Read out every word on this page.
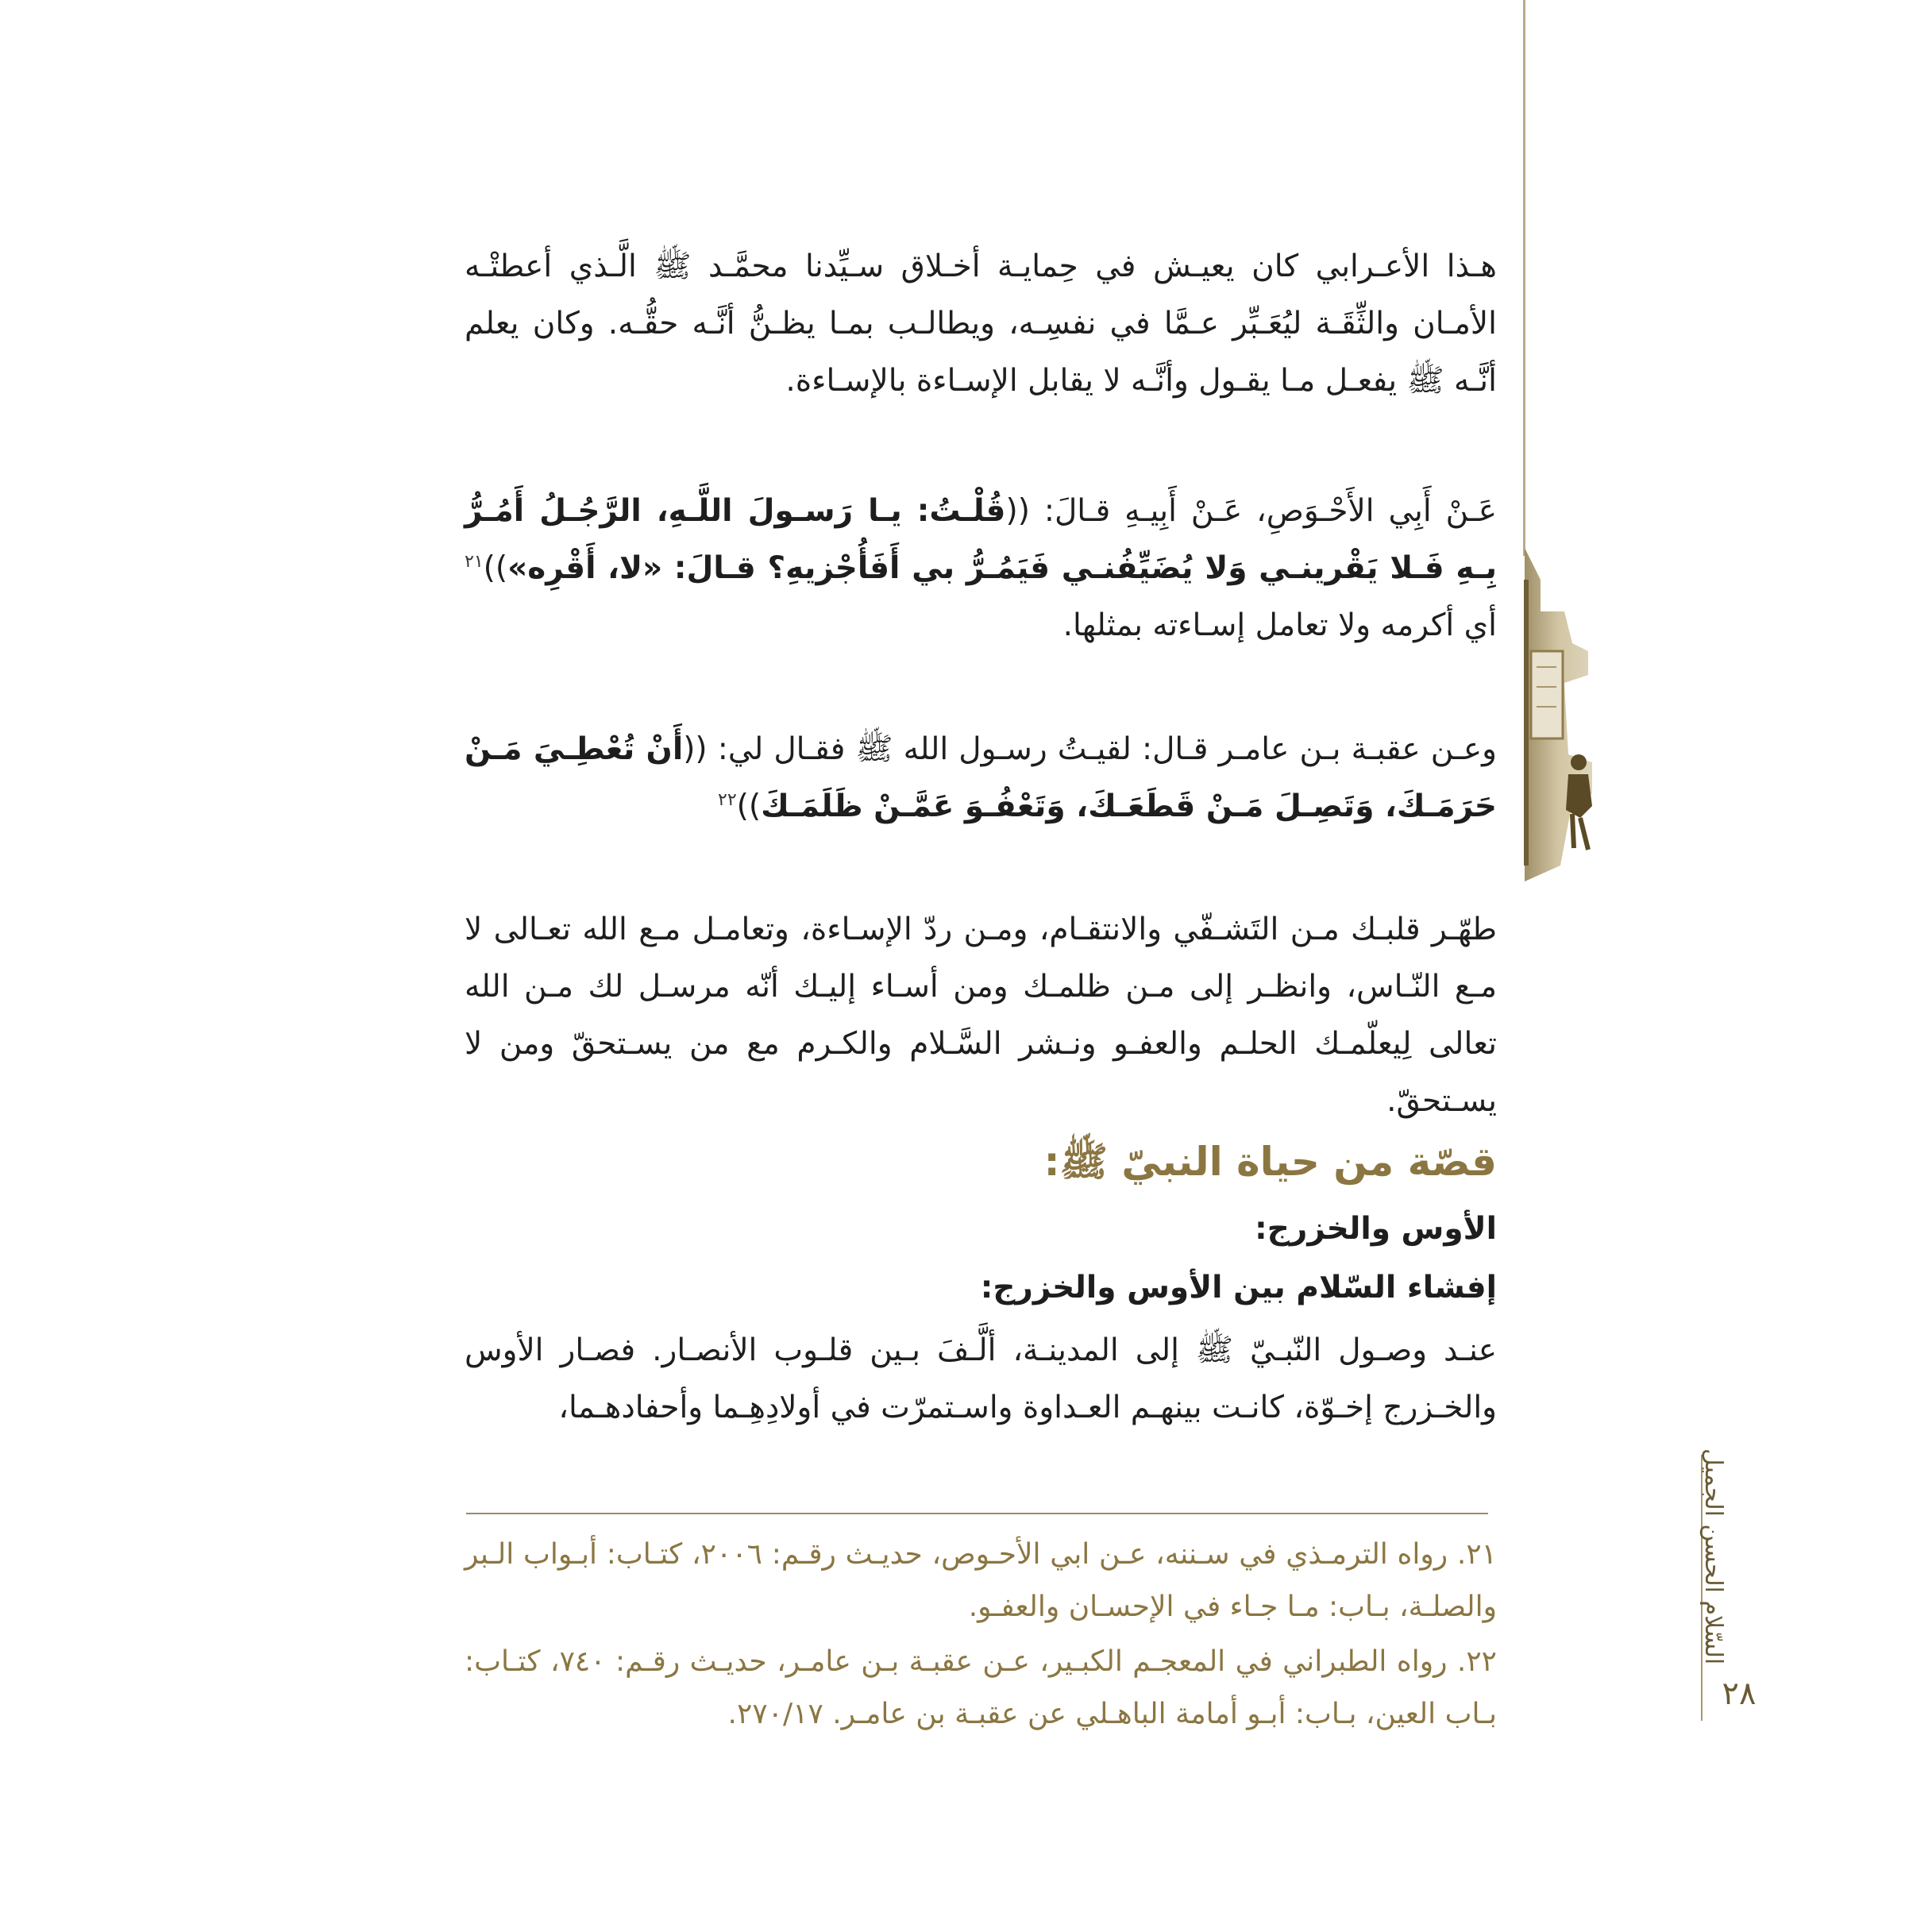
هـذا الأعـرابي كان يعيـش في حِمايـة أخـلاق سـيِّدنا محمَّـد ﷺ الَّـذي أعطتْـه الأمـان والثِّقَـة ليُعَـبِّر عـمَّا في نفسِـه، ويطالـب بمـا يظـنُّ أنَّـه حقُّـه. وكان يعلم أنَّـه ﷺ يفعـل مـا يقـول وأنَّـه لا يقابل الإسـاءة بالإسـاءة.
عَـنْ أَبِي الأَحْـوَصِ، عَـنْ أَبِيـهِ قـالَ: ((قُلْـتُ: يـا رَسـولَ اللَّـهِ، الرَّجُـلُ أَمُـرُّ بِـهِ فَـلا يَقْرينـي وَلا يُضَيِّفُنـي فَيَمُـرُّ بي أَفَأُجْزيهِ؟ قـالَ: «لا، أَقْرِه»))$^{٢١}$ أي أكرمه ولا تعامل إسـاءته بمثلها.
وعـن عقبـة بـن عامـر قـال: لقيـتُ رسـول الله ﷺ فقـال لي: ((أَنْ تُعْطِـيَ مَـنْ حَرَمَـكَ، وَتَصِـلَ مَـنْ قَطَعَـكَ، وَتَعْفُـوَ عَمَّـنْ ظَلَمَـكَ))$^{٢٢}$
طهّـر قلبـك مـن التَشـفّي والانتقـام، ومـن ردّ الإسـاءة، وتعامـل مـع الله تعـالى لا مـع النّـاس، وانظـر إلى مـن ظلمـك ومن أسـاء إليـك أنّه مرسـل لك مـن الله تعالى لِيعلّمـك الحلـم والعفـو ونـشر السَّـلام والكـرم مع من يسـتحقّ ومن لا يسـتحقّ.
قصّة من حياة النبيّ ﷺ:
الأوس والخزرج:
إفشاء السّلام بين الأوس والخزرج:
عنـد وصـول النّبـيّ ﷺ إلى المدينـة، ألَّـفَ بـين قلـوب الأنصـار. فصـار الأوس والخـزرج إخـوّة، كانـت بينهـم العـداوة واسـتمرّت في أولادِهِـما وأحفادهـما،
٢١. رواه الترمـذي في سـننه، عـن ابي الأحـوص، حديـث رقـم: ٢٠٠٦، كتـاب: أبـواب الـبر والصلـة، بـاب: مـا جـاء في الإحسـان والعفـو.
٢٢. رواه الطبراني في المعجـم الكبـير، عـن عقبـة بـن عامـر، حديـث رقـم: ٧٤٠، كتـاب: بـاب العين، بـاب: أبـو أمامة الباهـلي عن عقبـة بن عامـر. ٢٧٠/١٧.
السّلام الحسن الجميل
٢٨
